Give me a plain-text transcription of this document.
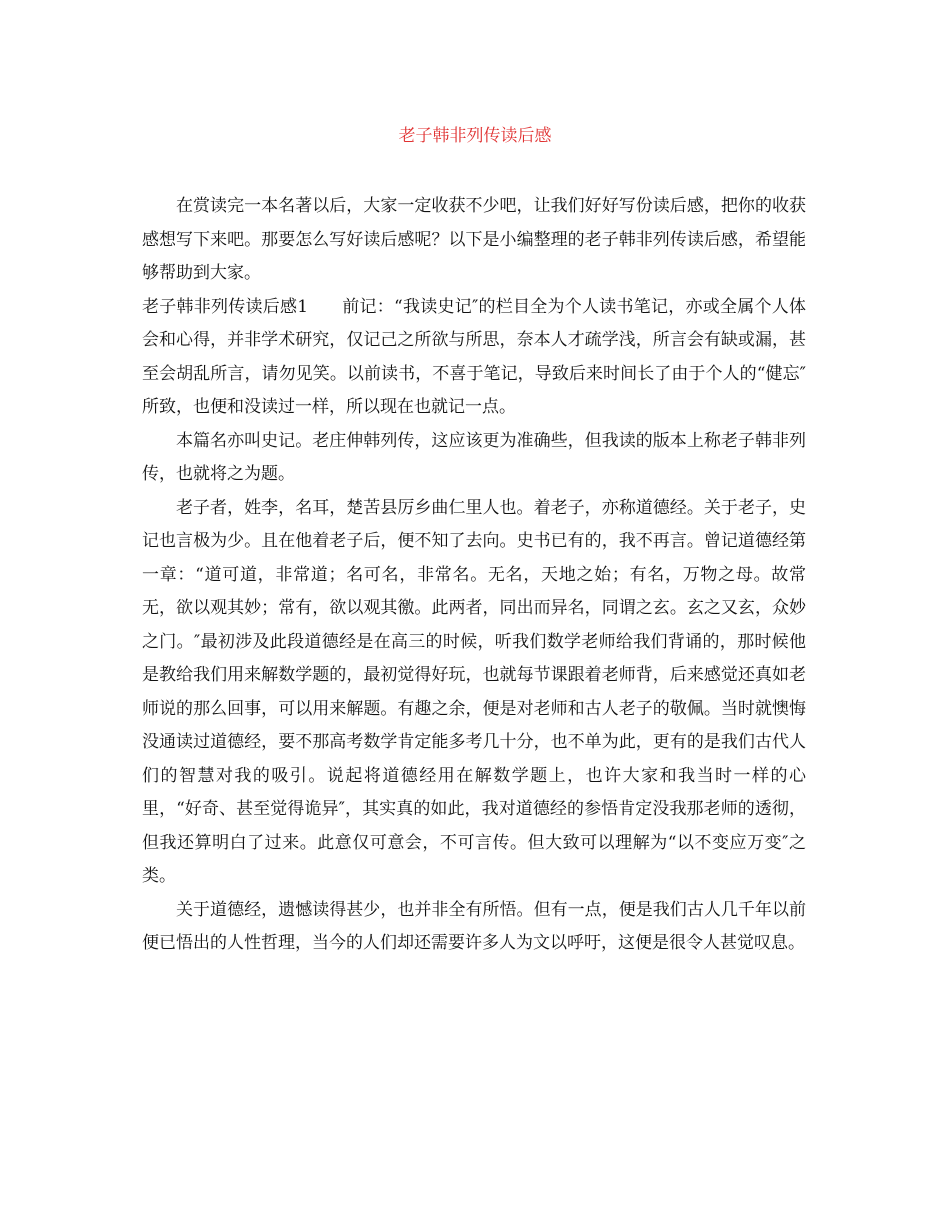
老子韩非列传读后感

在赏读完一本名著以后，大家一定收获不少吧，让我们好好写份读后感，把你的收获感想写下来吧。那要怎么写好读后感呢？以下是小编整理的老子韩非列传读后感，希望能够帮助到大家。

老子韩非列传读后感1 前记：“我读史记″的栏目全为个人读书笔记，亦或全属个人体会和心得，并非学术研究，仅记己之所欲与所思，奈本人才疏学浅，所言会有缺或漏，甚至会胡乱所言，请勿见笑。以前读书，不喜于笔记，导致后来时间长了由于个人的“健忘″所致，也便和没读过一样，所以现在也就记一点。

本篇名亦叫史记。老庄伸韩列传，这应该更为准确些，但我读的版本上称老子韩非列传，也就将之为题。

老子者，姓李，名耳，楚苦县厉乡曲仁里人也。着老子，亦称道德经。关于老子，史记也言极为少。且在他着老子后，便不知了去向。史书已有的，我不再言。曾记道德经第一章：“道可道，非常道；名可名，非常名。无名，天地之始；有名，万物之母。故常无，欲以观其妙；常有，欲以观其徼。此两者，同出而异名，同谓之玄。玄之又玄，众妙之门。″最初涉及此段道德经是在高三的时候，听我们数学老师给我们背诵的，那时候他是教给我们用来解数学题的，最初觉得好玩，也就每节课跟着老师背，后来感觉还真如老师说的那么回事，可以用来解题。有趣之余，便是对老师和古人老子的敬佩。当时就懊悔没通读过道德经，要不那高考数学肯定能多考几十分，也不单为此，更有的是我们古代人们的智慧对我的吸引。说起将道德经用在解数学题上，也许大家和我当时一样的心里，“好奇、甚至觉得诡异″，其实真的如此，我对道德经的参悟肯定没我那老师的透彻，但我还算明白了过来。此意仅可意会，不可言传。但大致可以理解为“以不变应万变″之类。

关于道德经，遗憾读得甚少，也并非全有所悟。但有一点，便是我们古人几千年以前便已悟出的人性哲理，当今的人们却还需要许多人为文以呼吁，这便是很令人甚觉叹息。
